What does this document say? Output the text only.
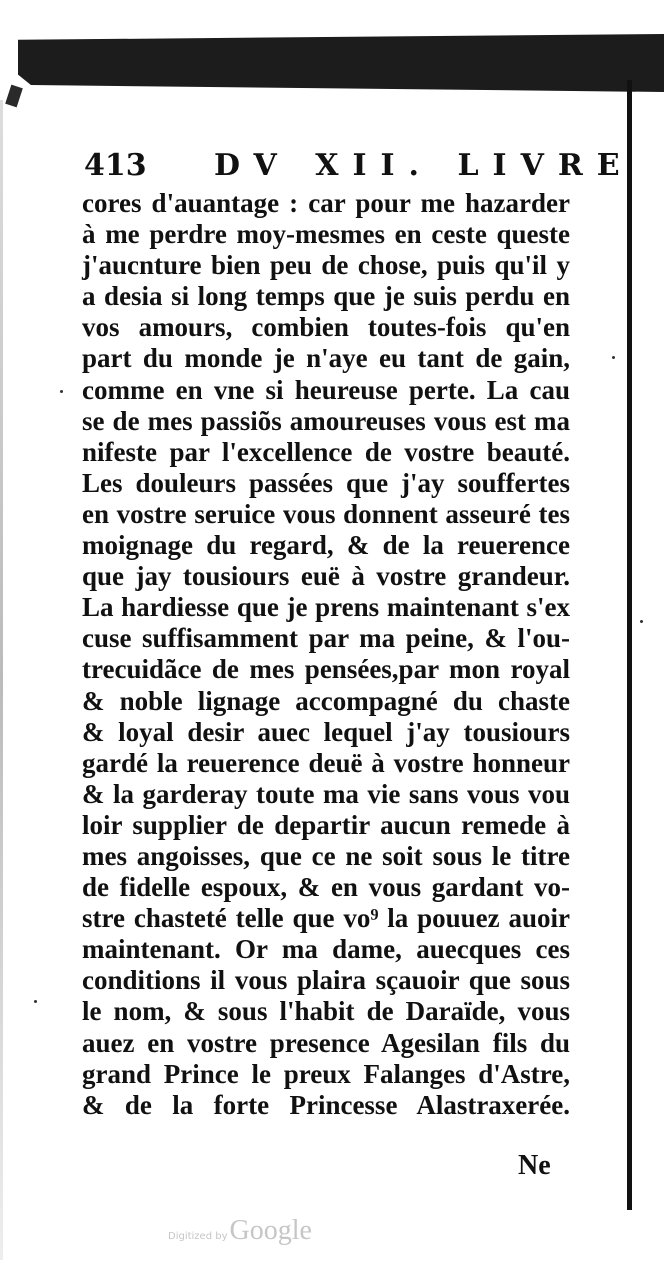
413 DV XII. LIVRE
cores d'auantage : car pour me hazarder
à me perdre moy-mesmes en ceste queste
j'aucnture bien peu de chose, puis qu'il y
a desia si long temps que je suis perdu en
vos amours, combien toutes-fois qu'en
part du monde je n'aye eu tant de gain,
comme en vne si heureuse perte. La cau
se de mes passiõs amoureuses vous est ma
nifeste par l'excellence de vostre beauté.
Les douleurs passées que j'ay souffertes
en vostre seruice vous donnent asseuré tes
moignage du regard, & de la reuerence
que jay tousiours euë à vostre grandeur.
La hardiesse que je prens maintenant s'ex
cuse suffisamment par ma peine, & l'ou-
trecuidãce de mes pensées,par mon royal
& noble lignage accompagné du chaste
& loyal desir auec lequel j'ay tousiours
gardé la reuerence deuë à vostre honneur
& la garderay toute ma vie sans vous vou
loir supplier de departir aucun remede à
mes angoisses, que ce ne soit sous le titre
de fidelle espoux, & en vous gardant vo-
stre chasteté telle que vo⁹ la pouuez auoir
maintenant. Or ma dame, auecques ces
conditions il vous plaira sçauoir que sous
le nom, & sous l'habit de Daraïde, vous
auez en vostre presence Agesilan fils du
grand Prince le preux Falanges d'Astre,
& de la forte Princesse Alastraxerée.
Ne
Digitized byGoogle
